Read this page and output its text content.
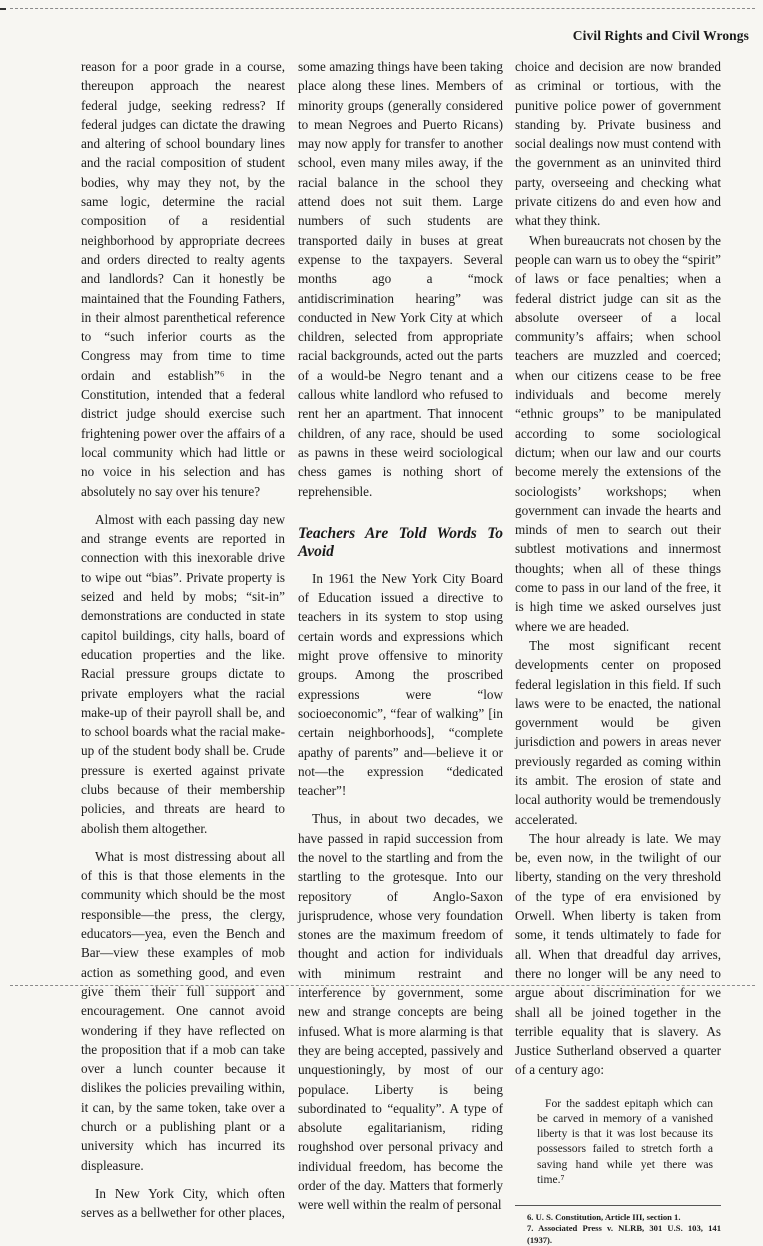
Civil Rights and Civil Wrongs

reason for a poor grade in a course, thereupon approach the nearest federal judge, seeking redress? If federal judges can dictate the drawing and altering of school boundary lines and the racial composition of student bodies, why may they not, by the same logic, determine the racial composition of a residential neighborhood by appropriate decrees and orders directed to realty agents and landlords? Can it honestly be maintained that the Founding Fathers, in their almost parenthetical reference to “such inferior courts as the Congress may from time to time ordain and establish”⁶ in the Constitution, intended that a federal district judge should exercise such frightening power over the affairs of a local community which had little or no voice in his selection and has absolutely no say over his tenure?

Almost with each passing day new and strange events are reported in connection with this inexorable drive to wipe out “bias”. Private property is seized and held by mobs; “sit-in” demonstrations are conducted in state capitol buildings, city halls, board of education properties and the like. Racial pressure groups dictate to private employers what the racial make-up of their payroll shall be, and to school boards what the racial make-up of the student body shall be. Crude pressure is exerted against private clubs because of their membership policies, and threats are heard to abolish them altogether.

What is most distressing about all of this is that those elements in the community which should be the most responsible—the press, the clergy, educators—yea, even the Bench and Bar—view these examples of mob action as something good, and even give them their full support and encouragement. One cannot avoid wondering if they have reflected on the proposition that if a mob can take over a lunch counter because it dislikes the policies prevailing within, it can, by the same token, take over a church or a publishing plant or a university which has incurred its displeasure.

In New York City, which often serves as a bellwether for other places,

some amazing things have been taking place along these lines. Members of minority groups (generally considered to mean Negroes and Puerto Ricans) may now apply for transfer to another school, even many miles away, if the racial balance in the school they attend does not suit them. Large numbers of such students are transported daily in buses at great expense to the taxpayers. Several months ago a “mock antidiscrimination hearing” was conducted in New York City at which children, selected from appropriate racial backgrounds, acted out the parts of a would-be Negro tenant and a callous white landlord who refused to rent her an apartment. That innocent children, of any race, should be used as pawns in these weird sociological chess games is nothing short of reprehensible.

Teachers Are Told Words To Avoid

In 1961 the New York City Board of Education issued a directive to teachers in its system to stop using certain words and expressions which might prove offensive to minority groups. Among the proscribed expressions were “low socioeconomic”, “fear of walking” [in certain neighborhoods], “complete apathy of parents” and—believe it or not—the expression “dedicated teacher”!

Thus, in about two decades, we have passed in rapid succession from the novel to the startling and from the startling to the grotesque. Into our repository of Anglo-Saxon jurisprudence, whose very foundation stones are the maximum freedom of thought and action for individuals with minimum restraint and interference by government, some new and strange concepts are being infused. What is more alarming is that they are being accepted, passively and unquestioningly, by most of our populace. Liberty is being subordinated to “equality”. A type of absolute egalitarianism, riding roughshod over personal privacy and individual freedom, has become the order of the day. Matters that formerly were well within the realm of personal

choice and decision are now branded as criminal or tortious, with the punitive police power of government standing by. Private business and social dealings now must contend with the government as an uninvited third party, overseeing and checking what private citizens do and even how and what they think.

When bureaucrats not chosen by the people can warn us to obey the “spirit” of laws or face penalties; when a federal district judge can sit as the absolute overseer of a local community’s affairs; when school teachers are muzzled and coerced; when our citizens cease to be free individuals and become merely “ethnic groups” to be manipulated according to some sociological dictum; when our law and our courts become merely the extensions of the sociologists’ workshops; when government can invade the hearts and minds of men to search out their subtlest motivations and innermost thoughts; when all of these things come to pass in our land of the free, it is high time we asked ourselves just where we are headed.

The most significant recent developments center on proposed federal legislation in this field. If such laws were to be enacted, the national government would be given jurisdiction and powers in areas never previously regarded as coming within its ambit. The erosion of state and local authority would be tremendously accelerated.

The hour already is late. We may be, even now, in the twilight of our liberty, standing on the very threshold of the type of era envisioned by Orwell. When liberty is taken from some, it tends ultimately to fade for all. When that dreadful day arrives, there no longer will be any need to argue about discrimination for we shall all be joined together in the terrible equality that is slavery. As Justice Sutherland observed a quarter of a century ago:

For the saddest epitaph which can be carved in memory of a vanished liberty is that it was lost because its possessors failed to stretch forth a saving hand while yet there was time.⁷

6. U. S. Constitution, Article III, section 1.
7. Associated Press v. NLRB, 301 U.S. 103, 141 (1937).
